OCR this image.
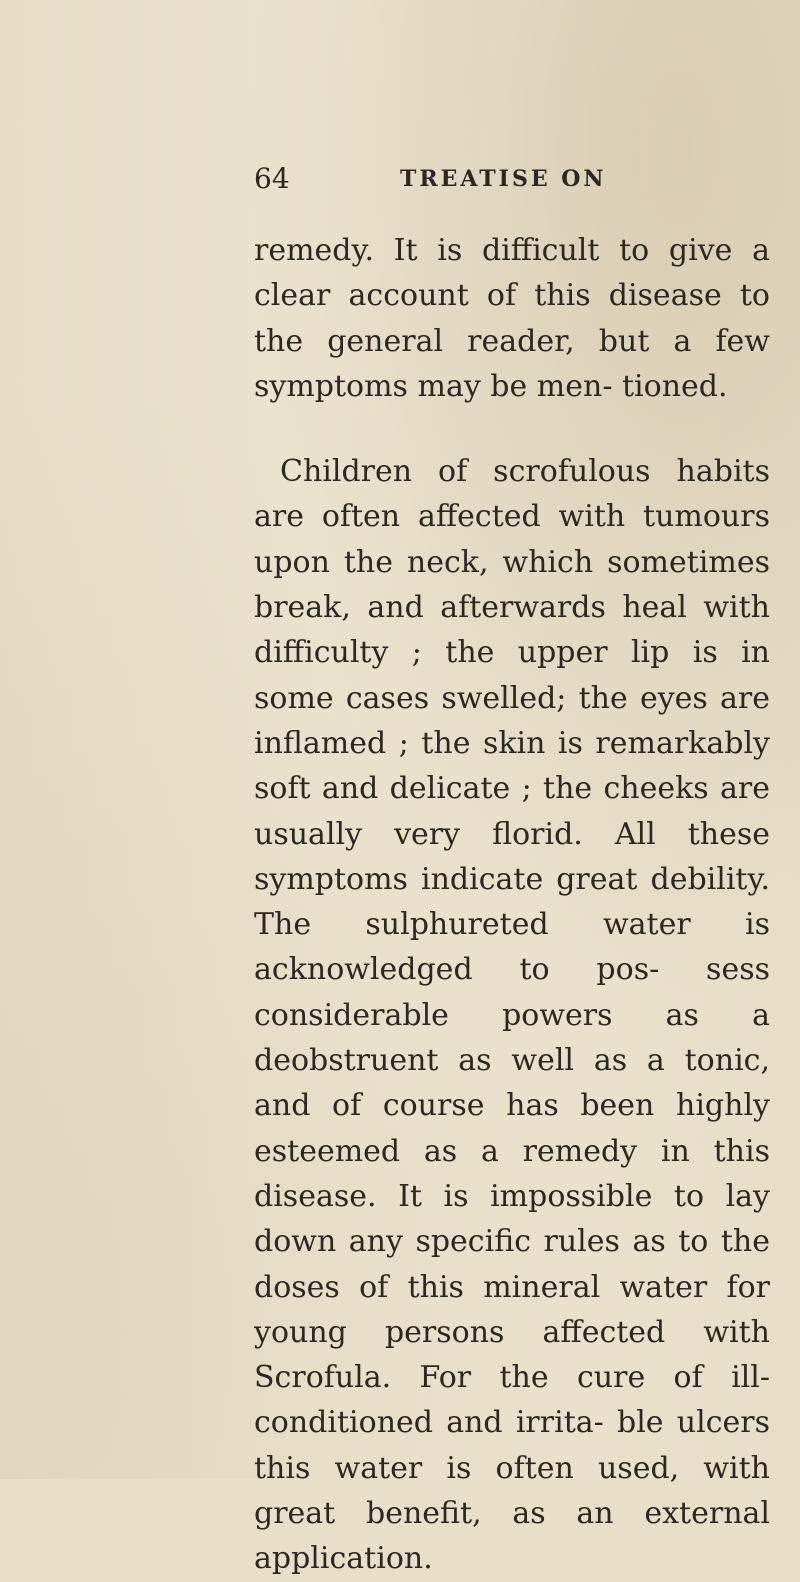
64	TREATISE ON

remedy. It is difficult to give a clear account of this disease to the general reader, but a few symptoms may be men- tioned.

Children of scrofulous habits are often affected with tumours upon the neck, which sometimes break, and afterwards heal with difficulty ; the upper lip is in some cases swelled; the eyes are inflamed ; the skin is remarkably soft and delicate ; the cheeks are usually very florid. All these symptoms indicate great debility. The sulphureted water is acknowledged to pos- sess considerable powers as a deobstruent as well as a tonic, and of course has been highly esteemed as a remedy in this disease. It is impossible to lay down any specific rules as to the doses of this mineral water for young persons affected with Scrofula. For the cure of ill-conditioned and irrita- ble ulcers this water is often used, with great benefit, as an external application.
